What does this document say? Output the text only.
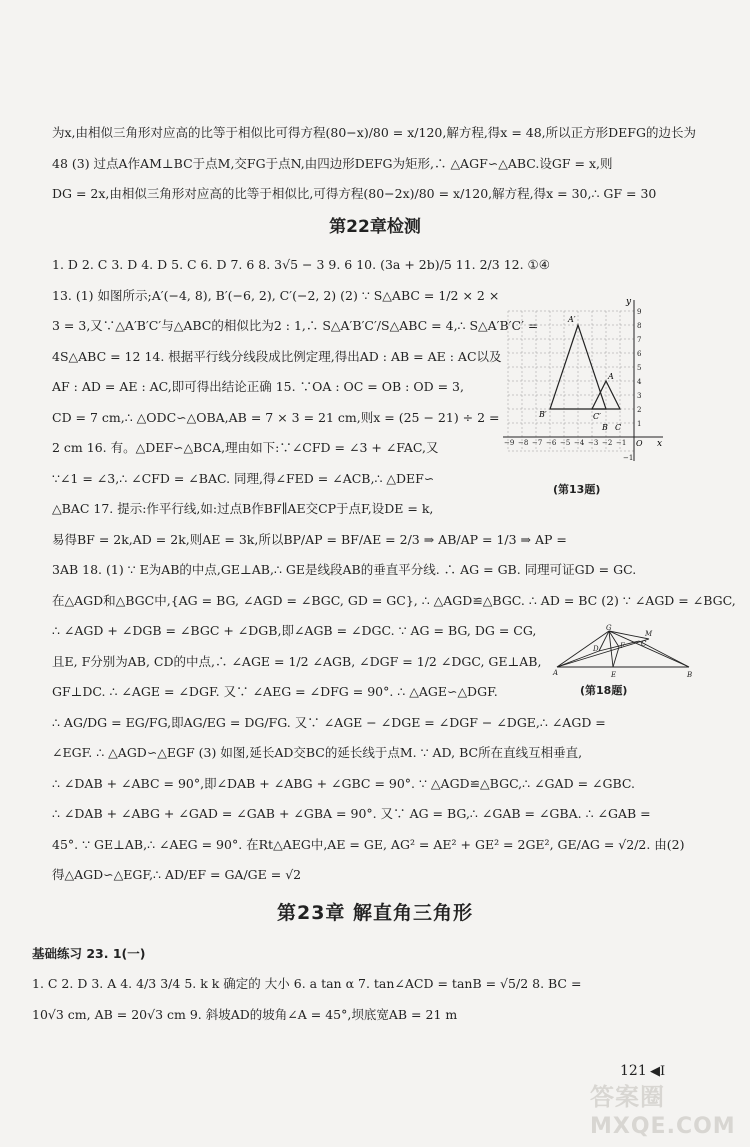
为x,由相似三角形对应高的比等于相似比可得方程(80−x)/80 = x/120,解方程,得x = 48,所以正方形DEFG的边长为
48 (3) 过点A作AM⊥BC于点M,交FG于点N,由四边形DEFG为矩形,∴ △AGF∽△ABC.设GF = x,则
DG = 2x,由相似三角形对应高的比等于相似比,可得方程(80−2x)/80 = x/120,解方程,得x = 30,∴ GF = 30
第22章检测
1. D 2. C 3. D 4. D 5. C 6. D 7. 6 8. 3√5 − 3 9. 6 10. (3a + 2b)/5 11. 2/3 12. ①④
13. (1) 如图所示;A′(−4, 8), B′(−6, 2), C′(−2, 2) (2) ∵ S△ABC = 1/2 × 2 ×
3 = 3,又∵△A′B′C′与△ABC的相似比为2 : 1,∴ S△A′B′C′/S△ABC = 4,∴ S△A′B′C′ =
4S△ABC = 12 14. 根据平行线分线段成比例定理,得出AD : AB = AE : AC以及
AF : AD = AE : AC,即可得出结论正确 15. ∵OA : OC = OB : OD = 3,
CD = 7 cm,∴ △ODC∽△OBA,AB = 7 × 3 = 21 cm,则x = (25 − 21) ÷ 2 =
2 cm 16. 有。△DEF∽△BCA,理由如下:∵∠CFD = ∠3 + ∠FAC,又
∵∠1 = ∠3,∴ ∠CFD = ∠BAC. 同理,得∠FED = ∠ACB,∴ △DEF∽
△BAC 17. 提示:作平行线,如:过点B作BF∥AE交CP于点F,设DE = k,
易得BF = 2k,AD = 2k,则AE = 3k,所以BP/AP = BF/AE = 2/3 ⇒ AB/AP = 1/3 ⇒ AP =
3AB 18. (1) ∵ E为AB的中点,GE⊥AB,∴ GE是线段AB的垂直平分线. ∴ AG = GB. 同理可证GD = GC.
在△AGD和△BGC中,{AG = BG, ∠AGD = ∠BGC, GD = GC}, ∴ △AGD≌△BGC. ∴ AD = BC (2) ∵ ∠AGD = ∠BGC,
∴ ∠AGD + ∠DGB = ∠BGC + ∠DGB,即∠AGB = ∠DGC. ∵ AG = BG, DG = CG,
且E, F分别为AB, CD的中点,∴ ∠AGE = 1/2 ∠AGB, ∠DGF = 1/2 ∠DGC, GE⊥AB,
GF⊥DC. ∴ ∠AGE = ∠DGF. 又∵ ∠AEG = ∠DFG = 90°. ∴ △AGE∽△DGF.
∴ AG/DG = EG/FG,即AG/EG = DG/FG. 又∵ ∠AGE − ∠DGE = ∠DGF − ∠DGE,∴ ∠AGD =
∠EGF. ∴ △AGD∽△EGF (3) 如图,延长AD交BC的延长线于点M. ∵ AD, BC所在直线互相垂直,
∴ ∠DAB + ∠ABC = 90°,即∠DAB + ∠ABG + ∠GBC = 90°. ∵ △AGD≌△BGC,∴ ∠GAD = ∠GBC.
∴ ∠DAB + ∠ABG + ∠GAD = ∠GAB + ∠GBA = 90°. 又∵ AG = BG,∴ ∠GAB = ∠GBA. ∴ ∠GAB =
45°. ∵ GE⊥AB,∴ ∠AEG = 90°. 在Rt△AEG中,AE = GE, AG² = AE² + GE² = 2GE², GE/AG = √2/2. 由(2)
得△AGD∽△EGF,∴ AD/EF = GA/GE = √2
y
x
O
A′
A
B′	C′
B C
9
8
7
6
5
4
3
2
1
−1
−9 −8 −7 −6 −5 −4 −3 −2 −1
(第13题)
G
M
C
F
D
A	E	B
(第18题)
第23章 解直角三角形
基础练习 23. 1(一)
1. C 2. D 3. A 4. 4/3 3/4 5. k k 确定的 大小 6. a tan α 7. tan∠ACD = tanB = √5/2 8. BC =
10√3 cm, AB = 20√3 cm 9. 斜坡AD的坡角∠A = 45°,坝底宽AB = 21 m
121 ◀Ⅰ
答案圈
MXQE.COM
